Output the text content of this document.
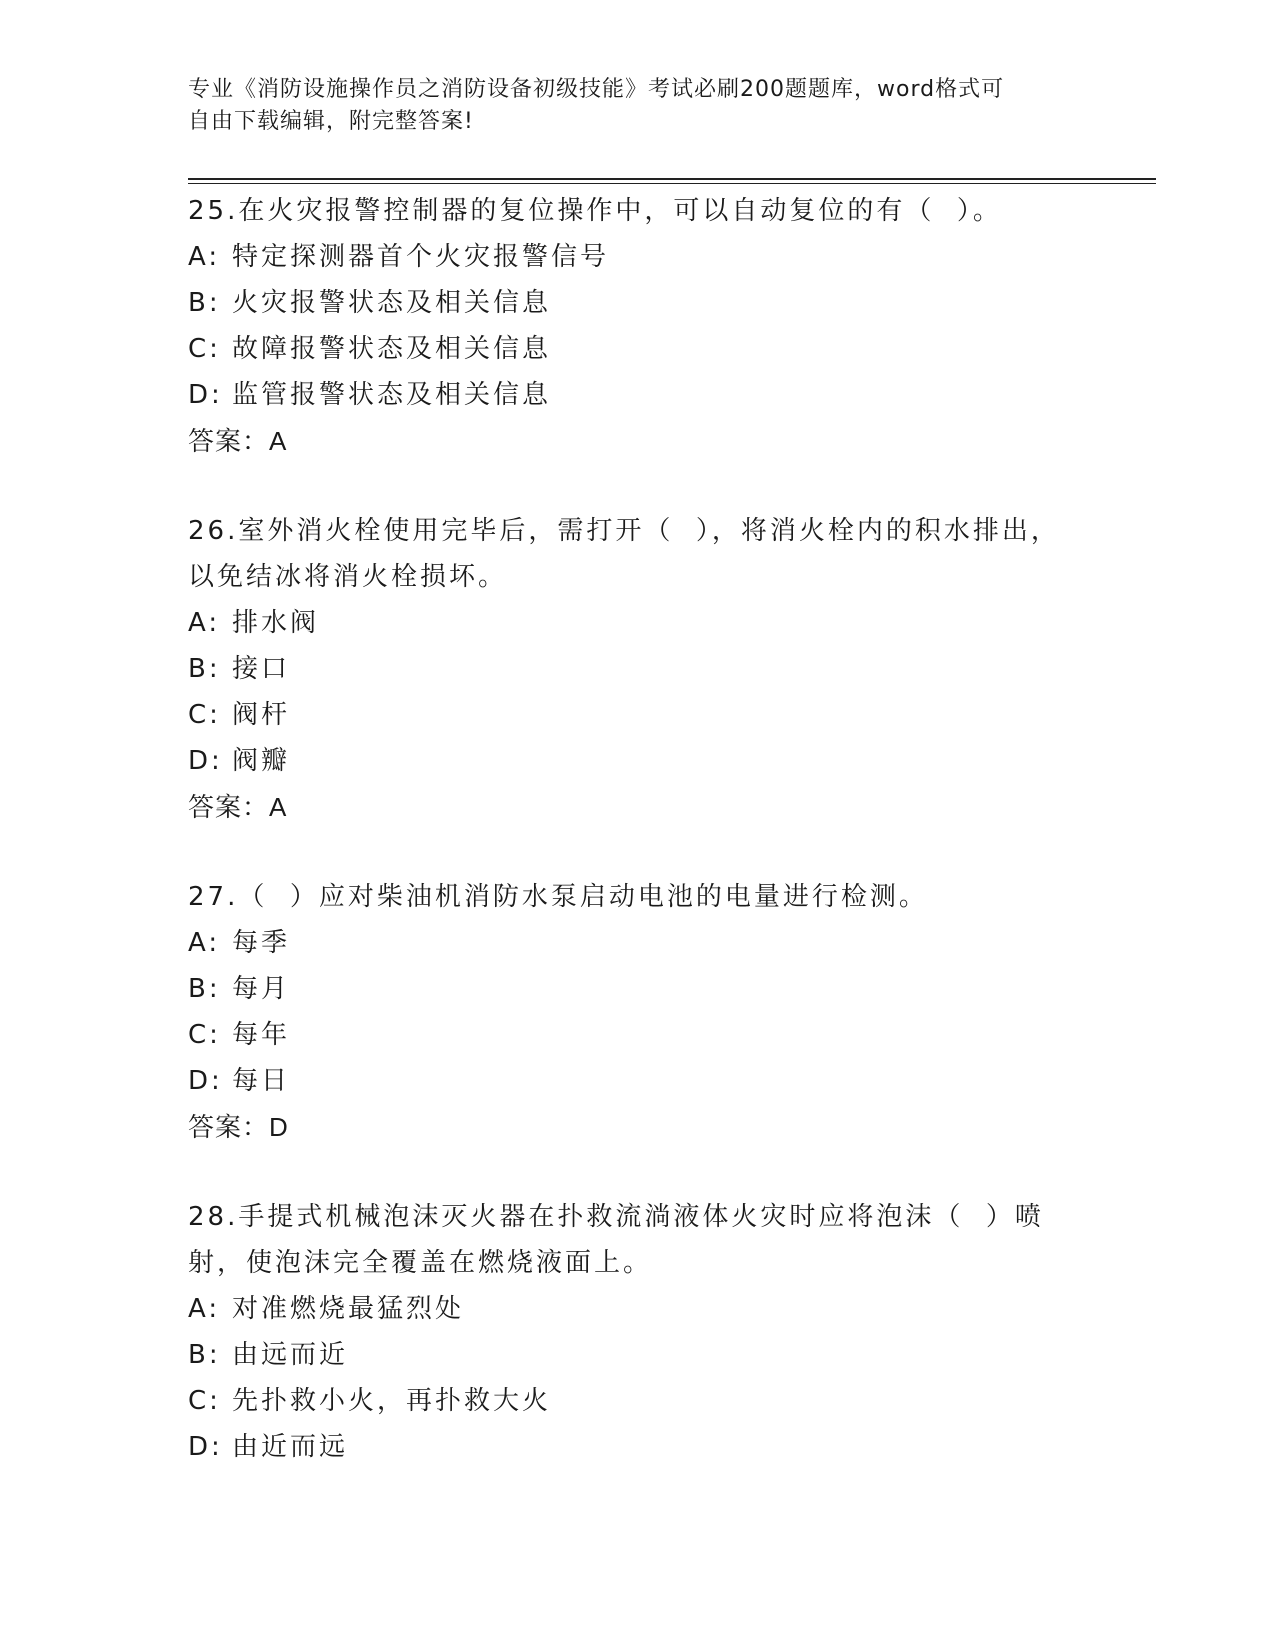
专业《消防设施操作员之消防设备初级技能》考试必刷200题题库，word格式可
自由下载编辑，附完整答案!
25.在火灾报警控制器的复位操作中，可以自动复位的有（  ）。
A: 特定探测器首个火灾报警信号
B: 火灾报警状态及相关信息
C: 故障报警状态及相关信息
D: 监管报警状态及相关信息
答案：A
26.室外消火栓使用完毕后，需打开（  ），将消火栓内的积水排出，以免结冰将消火栓损坏。
A: 排水阀
B: 接口
C: 阀杆
D: 阀瓣
答案：A
27.（  ）应对柴油机消防水泵启动电池的电量进行检测。
A: 每季
B: 每月
C: 每年
D: 每日
答案：D
28.手提式机械泡沫灭火器在扑救流淌液体火灾时应将泡沫（  ）喷射，使泡沫完全覆盖在燃烧液面上。
A: 对准燃烧最猛烈处
B: 由远而近
C: 先扑救小火，再扑救大火
D: 由近而远
